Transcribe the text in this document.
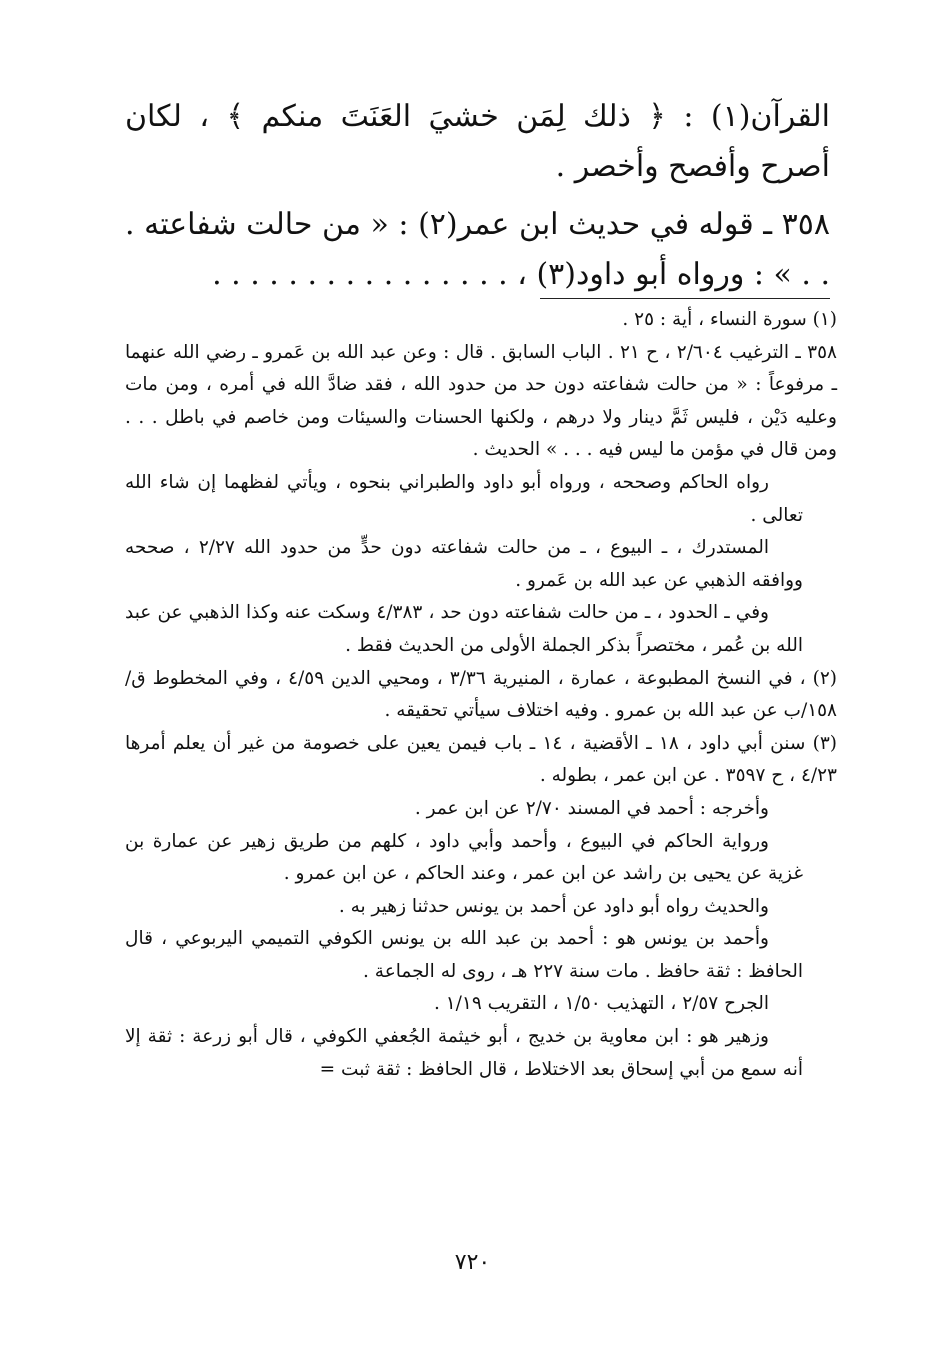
القرآن(١) : ﴿ ذلك لِمَن خشيَ العَنَتَ منكم ﴾ ، لكان أصرح وأفصح وأخصر .

٣٥٨ ـ قوله في حديث ابن عمر(٢) : « من حالت شفاعته . . . » : ورواه أبو داود(٣) ، . . . . . . . . . . . . . . . .

(١) سورة النساء ، أية : ٢٥ .

٣٥٨ ـ الترغيب ٢/٦٠٤ ، ح ٢١ . الباب السابق . قال : وعن عبد الله بن عَمرو ـ رضي الله عنهما ـ مرفوعاً : « من حالت شفاعته دون حد من حدود الله ، فقد ضادَّ الله في أمره ، ومن مات وعليه دَيْن ، فليس ثَمَّ دينار ولا درهم ، ولكنها الحسنات والسيئات ومن خاصم في باطل . . . ومن قال في مؤمن ما ليس فيه . . . » الحديث .

رواه الحاكم وصححه ، ورواه أبو داود والطبراني بنحوه ، ويأتي لفظهما إن شاء الله تعالى .

المستدرك ، ـ البيوع ، ـ من حالت شفاعته دون حدٍّ من حدود الله ٢/٢٧ ، صححه ووافقه الذهبي عن عبد الله بن عَمرو .

وفي ـ الحدود ، ـ من حالت شفاعته دون حد ، ٤/٣٨٣ وسكت عنه وكذا الذهبي عن عبد الله بن عُمر ، مختصراً بذكر الجملة الأولى من الحديث فقط .

(٢) ، في النسخ المطبوعة ، عمارة ، المنيرية ٣/٣٦ ، ومحيي الدين ٤/٥٩ ، وفي المخطوط ق/١٥٨/ب عن عبد الله بن عمرو . وفيه اختلاف سيأتي تحقيقه .

(٣) سنن أبي داود ، ١٨ ـ الأقضية ، ١٤ ـ باب فيمن يعين على خصومة من غير أن يعلم أمرها ٤/٢٣ ، ح ٣٥٩٧ . عن ابن عمر ، بطوله .

وأخرجه : أحمد في المسند ٢/٧٠ عن ابن عمر .

ورواية الحاكم في البيوع ، وأحمد وأبي داود ، كلهم من طريق زهير عن عمارة بن غزية عن يحيى بن راشد عن ابن عمر ، وعند الحاكم ، عن ابن عمرو .

والحديث رواه أبو داود عن أحمد بن يونس حدثنا زهير به .

وأحمد بن يونس هو : أحمد بن عبد الله بن يونس الكوفي التميمي اليربوعي ، قال الحافظ : ثقة حافظ . مات سنة ٢٢٧ هـ ، روى له الجماعة .

الجرح ٢/٥٧ ، التهذيب ١/٥٠ ، التقريب ١/١٩ .

وزهير هو : ابن معاوية بن خديج ، أبو خيثمة الجُعفي الكوفي ، قال أبو زرعة : ثقة إلا أنه سمع من أبي إسحاق بعد الاختلاط ، قال الحافظ : ثقة ثبت =

٧٢٠
